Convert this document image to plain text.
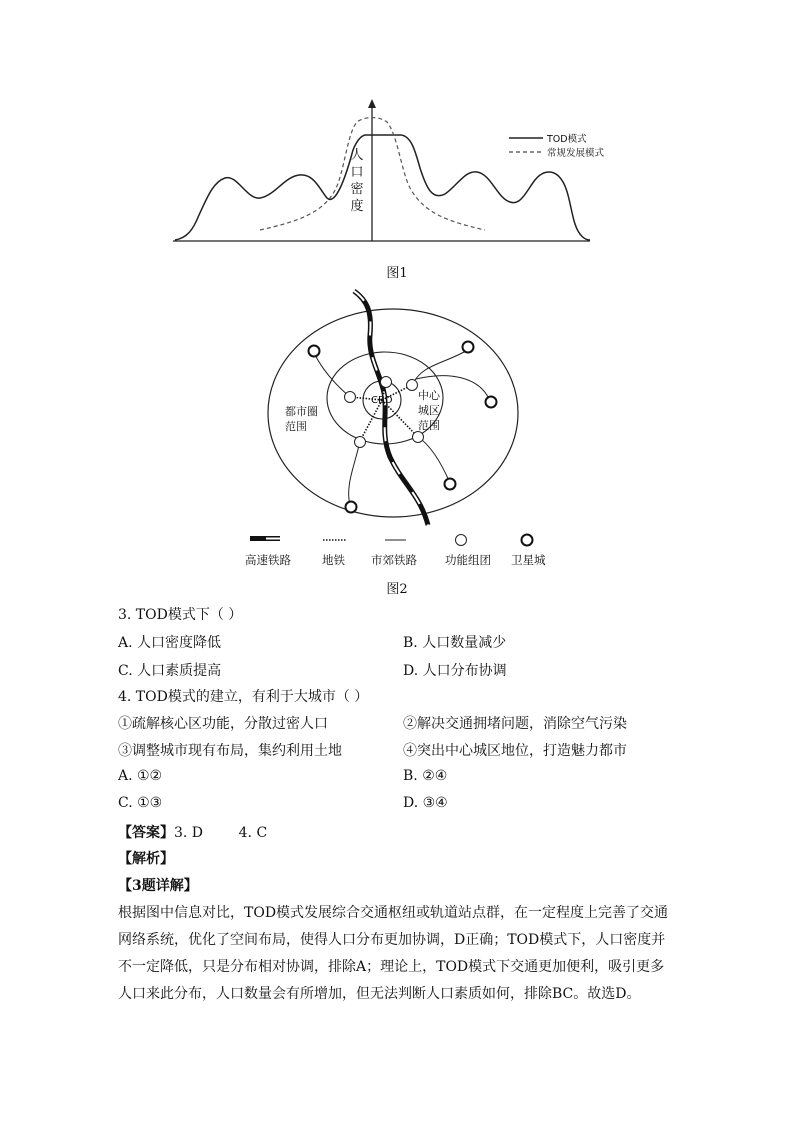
人
口
密
度
TOD模式
常规发展模式
图1
都市圈
范围
CBD 中心
城区
范围
高速铁路	地铁 市郊铁路 功能组团 卫星城
图2
3. TOD模式下（ ）
A. 人口密度降低	B. 人口数量减少
C. 人口素质提高	D. 人口分布协调
4. TOD模式的建立，有利于大城市（ ）
①疏解核心区功能，分散过密人口	②解决交通拥堵问题，消除空气污染
③调整城市现有布局，集约利用土地	④突出中心城区地位，打造魅力都市
A. ①②	B. ②④
C. ①③	D. ③④
【答案】3. D        4. C
【解析】
【3题详解】
根据图中信息对比，TOD模式发展综合交通枢纽或轨道站点群，在一定程度上完善了交通
网络系统，优化了空间布局，使得人口分布更加协调，D正确；TOD模式下，人口密度并
不一定降低，只是分布相对协调，排除A；理论上，TOD模式下交通更加便利，吸引更多
人口来此分布，人口数量会有所增加，但无法判断人口素质如何，排除BC。故选D。
